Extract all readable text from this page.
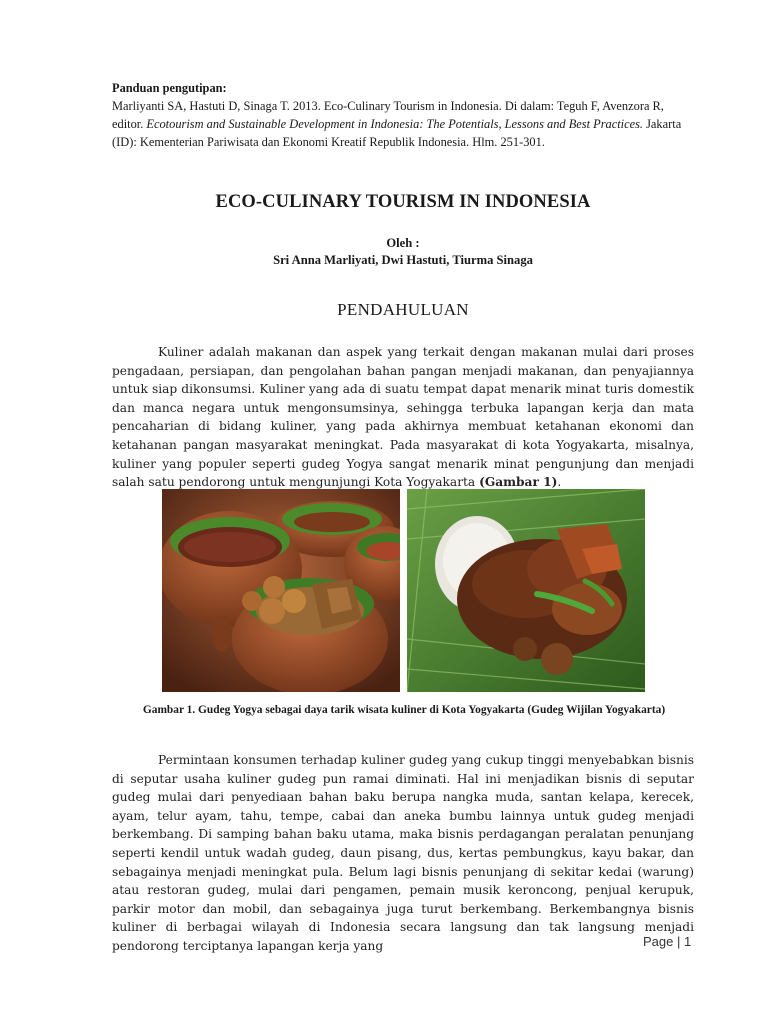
Panduan pengutipan:
Marliyanti SA, Hastuti D, Sinaga T. 2013. Eco-Culinary Tourism in Indonesia. Di dalam: Teguh F, Avenzora R, editor. Ecotourism and Sustainable Development in Indonesia: The Potentials, Lessons and Best Practices. Jakarta (ID): Kementerian Pariwisata dan Ekonomi Kreatif Republik Indonesia. Hlm. 251-301.
ECO-CULINARY TOURISM IN INDONESIA
Oleh :
Sri Anna Marliyati, Dwi Hastuti, Tiurma Sinaga
PENDAHULUAN

Kuliner adalah makanan dan aspek yang terkait dengan makanan mulai dari proses pengadaan, persiapan, dan pengolahan bahan pangan menjadi makanan, dan penyajiannya untuk siap dikonsumsi. Kuliner yang ada di suatu tempat dapat menarik minat turis domestik dan manca negara untuk mengonsumsinya, sehingga terbuka lapangan kerja dan mata pencaharian di bidang kuliner, yang pada akhirnya membuat ketahanan ekonomi dan ketahanan pangan masyarakat meningkat. Pada masyarakat di kota Yogyakarta, misalnya, kuliner yang populer seperti gudeg Yogya sangat menarik minat pengunjung dan menjadi salah satu pendorong untuk mengunjungi Kota Yogyakarta (Gambar 1).

Gambar 1. Gudeg Yogya sebagai daya tarik wisata kuliner di Kota Yogyakarta (Gudeg Wijilan Yogyakarta)

Permintaan konsumen terhadap kuliner gudeg yang cukup tinggi menyebabkan bisnis di seputar usaha kuliner gudeg pun ramai diminati. Hal ini menjadikan bisnis di seputar gudeg mulai dari penyediaan bahan baku berupa nangka muda, santan kelapa, kerecek, ayam, telur ayam, tahu, tempe, cabai dan aneka bumbu lainnya untuk gudeg menjadi berkembang. Di samping bahan baku utama, maka bisnis perdagangan peralatan penunjang seperti kendil untuk wadah gudeg, daun pisang, dus, kertas pembungkus, kayu bakar, dan sebagainya menjadi meningkat pula. Belum lagi bisnis penunjang di sekitar kedai (warung) atau restoran gudeg, mulai dari pengamen, pemain musik keroncong, penjual kerupuk, parkir motor dan mobil, dan sebagainya juga turut berkembang. Berkembangnya bisnis kuliner di berbagai wilayah di Indonesia secara langsung dan tak langsung menjadi pendorong terciptanya lapangan kerja yang	Page | 1
